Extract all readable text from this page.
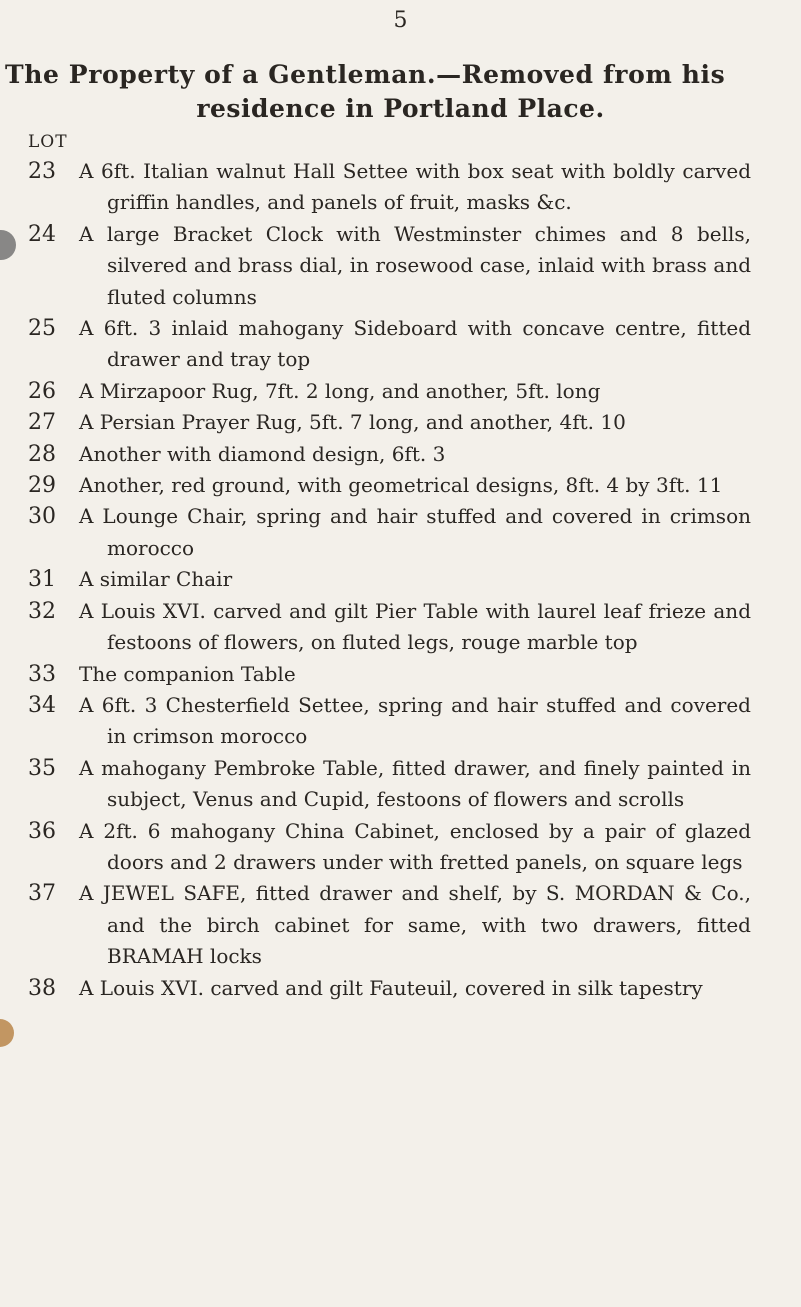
5
The Property of a Gentleman.—Removed from his
residence in Portland Place.
LOT
23	A 6ft. Italian walnut Hall Settee with box seat with boldly carved griffin handles, and panels of fruit, masks &c.
24	A large Bracket Clock with Westminster chimes and 8 bells, silvered and brass dial, in rosewood case, inlaid with brass and fluted columns
25	A 6ft. 3 inlaid mahogany Sideboard with concave centre, fitted drawer and tray top
26	A Mirzapoor Rug, 7ft. 2 long, and another, 5ft. long
27	A Persian Prayer Rug, 5ft. 7 long, and another, 4ft. 10
28	Another with diamond design, 6ft. 3
29	Another, red ground, with geometrical designs, 8ft. 4 by 3ft. 11
30	A Lounge Chair, spring and hair stuffed and covered in crimson morocco
31	A similar Chair
32	A Louis XVI. carved and gilt Pier Table with laurel leaf frieze and festoons of flowers, on fluted legs, rouge marble top
33	The companion Table
34	A 6ft. 3 Chesterfield Settee, spring and hair stuffed and covered in crimson morocco
35	A mahogany Pembroke Table, fitted drawer, and finely painted in subject, Venus and Cupid, festoons of flowers and scrolls
36	A 2ft. 6 mahogany China Cabinet, enclosed by a pair of glazed doors and 2 drawers under with fretted panels, on square legs
37	A JEWEL SAFE, fitted drawer and shelf, by S. MORDAN & Co., and the birch cabinet for same, with two drawers, fitted BRAMAH locks
38	A Louis XVI. carved and gilt Fauteuil, covered in silk tapestry
